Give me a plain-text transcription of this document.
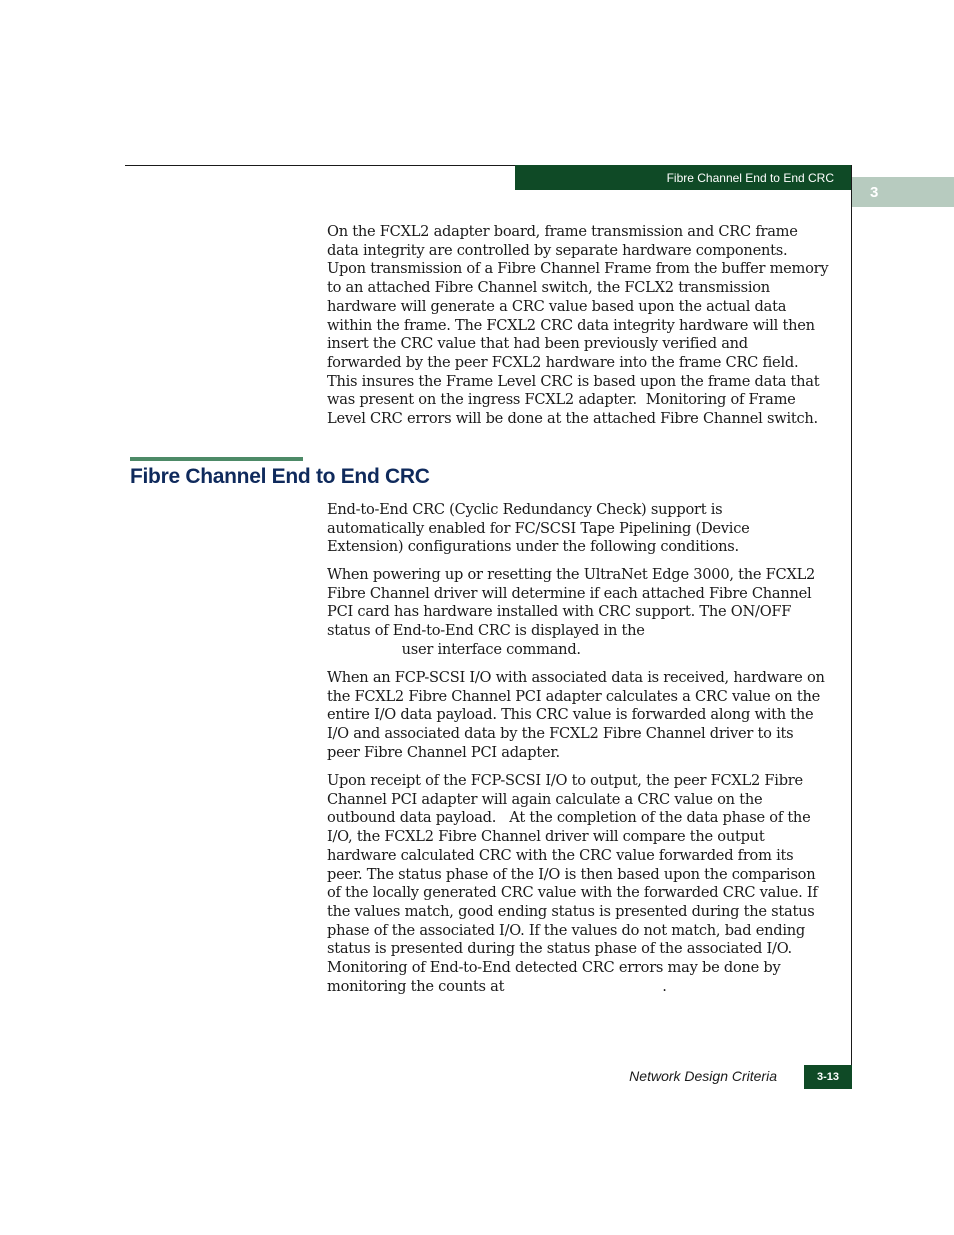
Fibre Channel End to End CRC
3

On the FCXL2 adapter board, frame transmission and CRC frame
data integrity are controlled by separate hardware components.
Upon transmission of a Fibre Channel Frame from the buffer memory
to an attached Fibre Channel switch, the FCLX2 transmission
hardware will generate a CRC value based upon the actual data
within the frame. The FCXL2 CRC data integrity hardware will then
insert the CRC value that had been previously verified and
forwarded by the peer FCXL2 hardware into the frame CRC field.
This insures the Frame Level CRC is based upon the frame data that
was present on the ingress FCXL2 adapter.  Monitoring of Frame
Level CRC errors will be done at the attached Fibre Channel switch.

Fibre Channel End to End CRC

End-to-End CRC (Cyclic Redundancy Check) support is
automatically enabled for FC/SCSI Tape Pipelining (Device
Extension) configurations under the following conditions.

When powering up or resetting the UltraNet Edge 3000, the FCXL2
Fibre Channel driver will determine if each attached Fibre Channel
PCI card has hardware installed with CRC support. The ON/OFF
status of End-to-End CRC is displayed in the
user interface command.

When an FCP-SCSI I/O with associated data is received, hardware on
the FCXL2 Fibre Channel PCI adapter calculates a CRC value on the
entire I/O data payload. This CRC value is forwarded along with the
I/O and associated data by the FCXL2 Fibre Channel driver to its
peer Fibre Channel PCI adapter.

Upon receipt of the FCP-SCSI I/O to output, the peer FCXL2 Fibre
Channel PCI adapter will again calculate a CRC value on the
outbound data payload.   At the completion of the data phase of the
I/O, the FCXL2 Fibre Channel driver will compare the output
hardware calculated CRC with the CRC value forwarded from its
peer. The status phase of the I/O is then based upon the comparison
of the locally generated CRC value with the forwarded CRC value. If
the values match, good ending status is presented during the status
phase of the associated I/O. If the values do not match, bad ending
status is presented during the status phase of the associated I/O.
Monitoring of End-to-End detected CRC errors may be done by
monitoring the counts at                                    .

Network Design Criteria	3-13
